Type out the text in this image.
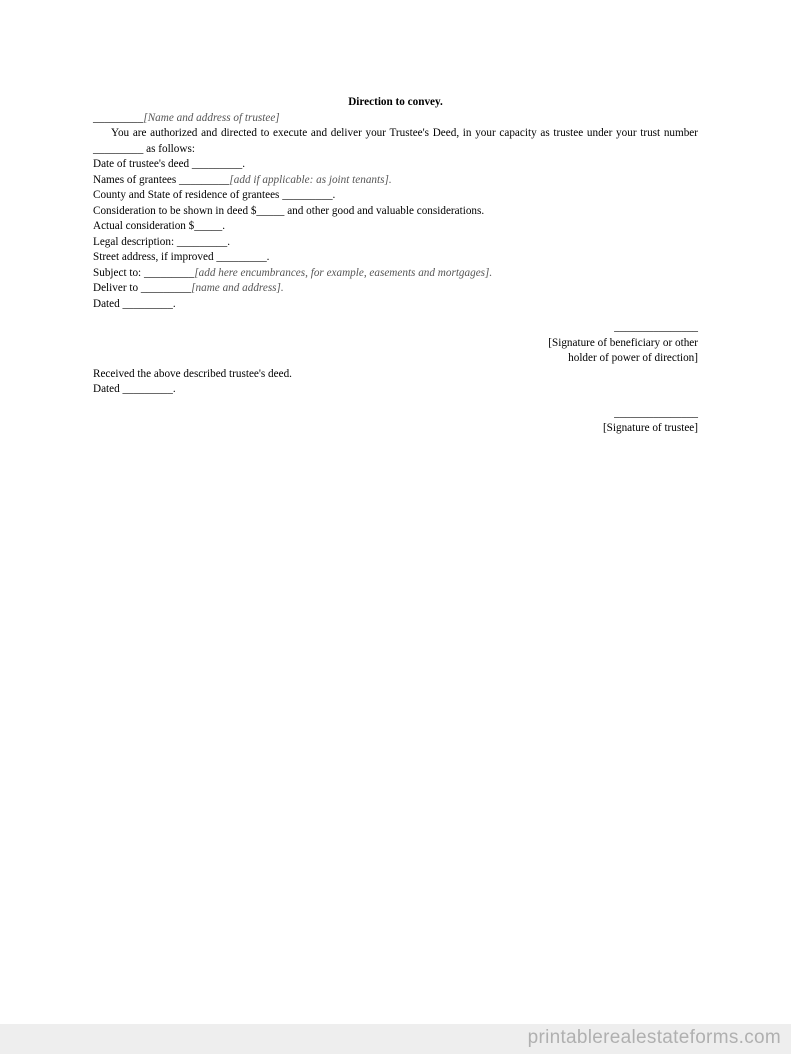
Direction to convey.
_________[Name and address of trustee]
You are authorized and directed to execute and deliver your Trustee's Deed, in your capacity as trustee under your trust number _________ as follows:
Date of trustee's deed _________.
Names of grantees _________[add if applicable: as joint tenants].
County and State of residence of grantees _________.
Consideration to be shown in deed $_____ and other good and valuable considerations.
Actual consideration $_____.
Legal description: _________.
Street address, if improved _________.
Subject to: _________[add here encumbrances, for example, easements and mortgages].
Deliver to _________[name and address].
Dated _________.
_______________
[Signature of beneficiary or other
holder of power of direction]
Received the above described trustee's deed.
Dated _________.
_______________
[Signature of trustee]
printablerealestateforms.com
